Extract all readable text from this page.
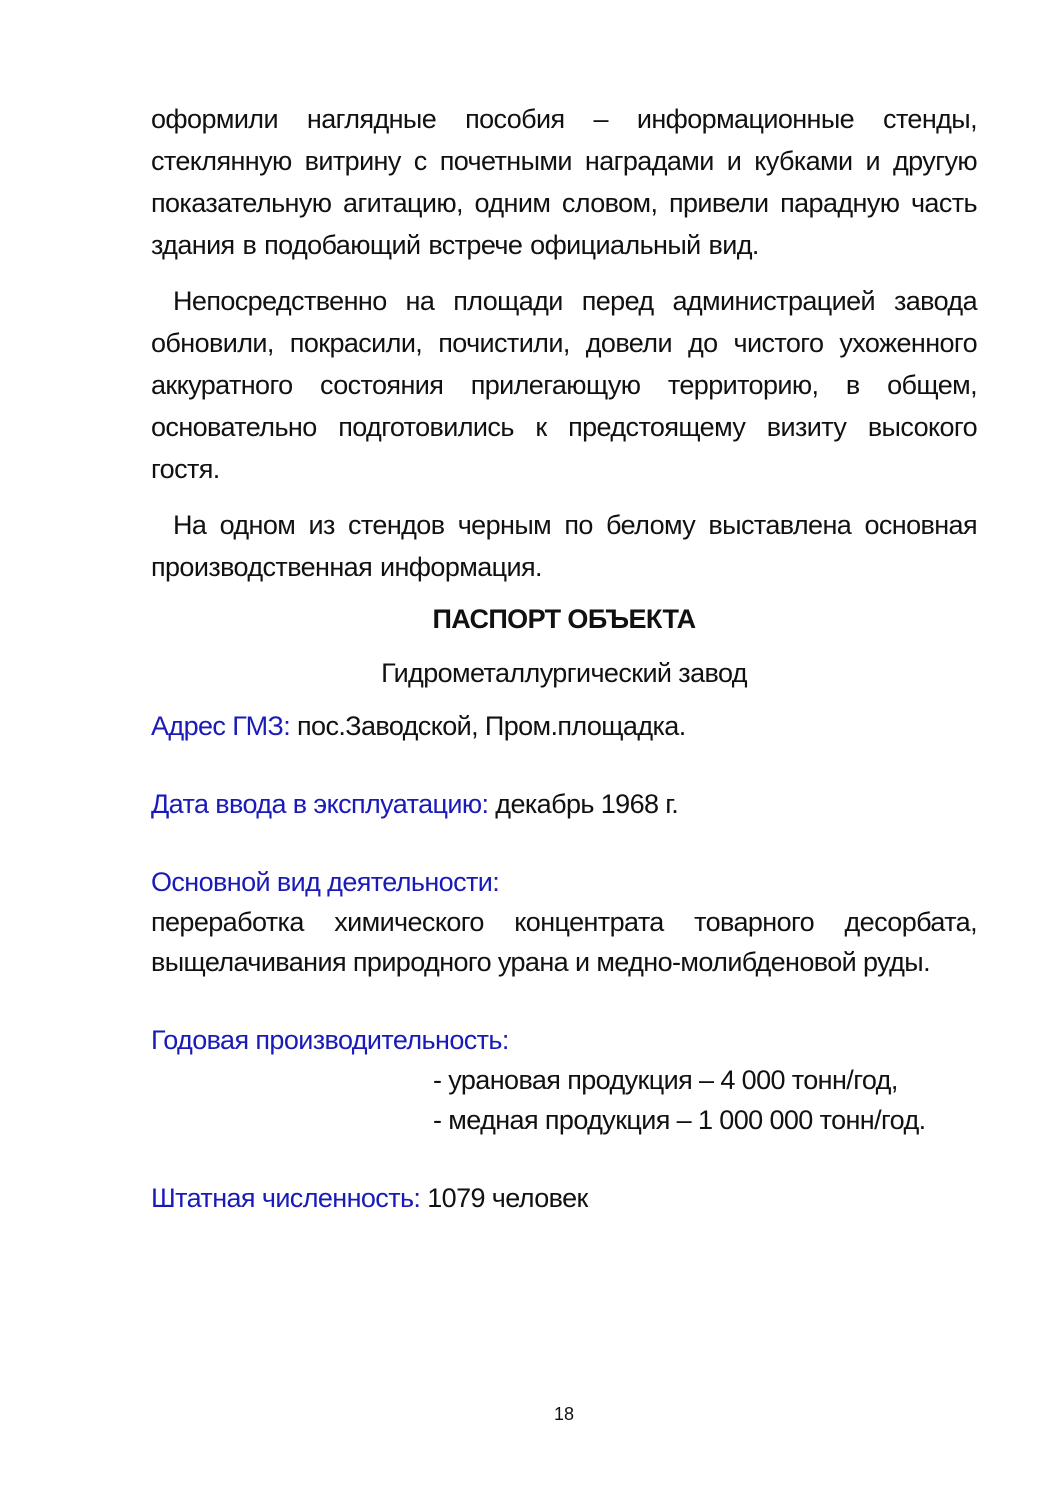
оформили наглядные пособия – информационные стенды, стеклянную витрину с почетными наградами и кубками и другую показательную агитацию, одним словом, привели парадную часть здания в подобающий встрече официальный вид.

Непосредственно на площади перед администрацией завода обновили, покрасили, почистили, довели до чистого ухоженного аккуратного состояния прилегающую территорию, в общем, основательно подготовились к предстоящему визиту высокого гостя.

На одном из стендов черным по белому выставлена основная производственная информация.

ПАСПОРТ ОБЪЕКТА
Гидрометаллургический завод

Адрес ГМЗ: пос.Заводской, Пром.площадка.

Дата ввода в эксплуатацию: декабрь 1968 г.

Основной вид деятельности:

переработка химического концентрата товарного десорбата, выщелачивания природного урана и медно-молибденовой руды.

Годовая производительность:

- урановая продукция – 4 000 тонн/год,
- медная продукция – 1 000 000 тонн/год.

Штатная численность: 1079 человек

18
